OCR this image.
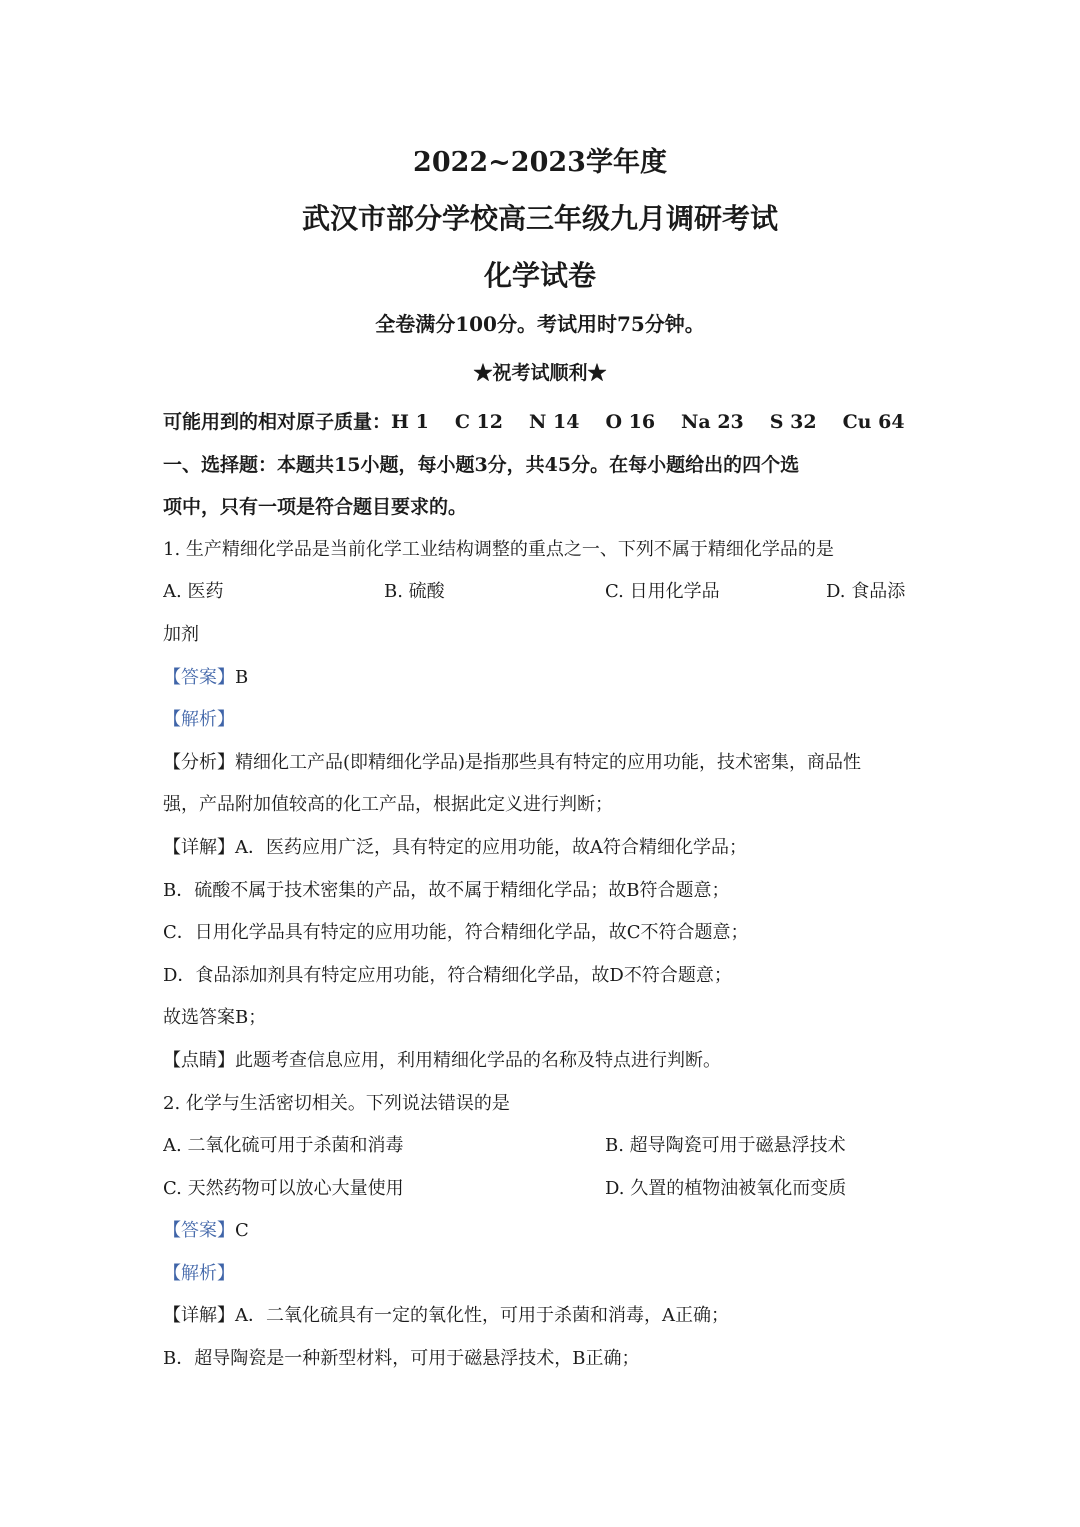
2022~2023学年度
武汉市部分学校高三年级九月调研考试
化学试卷
全卷满分100分。考试用时75分钟。
★祝考试顺利★
可能用到的相对原子质量：H 1 C 12 N 14 O 16 Na 23 S 32 Cu 64
一、选择题：本题共15小题，每小题3分，共45分。在每小题给出的四个选
项中，只有一项是符合题目要求的。
1. 生产精细化学品是当前化学工业结构调整的重点之一、下列不属于精细化学品的是
A. 医药	B. 硫酸	C. 日用化学品	D. 食品添
加剂
【答案】B
【解析】
【分析】精细化工产品(即精细化学品)是指那些具有特定的应用功能，技术密集，商品性
强，产品附加值较高的化工产品，根据此定义进行判断；
【详解】A．医药应用广泛，具有特定的应用功能，故A符合精细化学品；
B．硫酸不属于技术密集的产品，故不属于精细化学品；故B符合题意；
C．日用化学品具有特定的应用功能，符合精细化学品，故C不符合题意；
D．食品添加剂具有特定应用功能，符合精细化学品，故D不符合题意；
故选答案B；
【点睛】此题考查信息应用，利用精细化学品的名称及特点进行判断。
2. 化学与生活密切相关。下列说法错误的是
A. 二氧化硫可用于杀菌和消毒	B. 超导陶瓷可用于磁悬浮技术
C. 天然药物可以放心大量使用	D. 久置的植物油被氧化而变质
【答案】C
【解析】
【详解】A．二氧化硫具有一定的氧化性，可用于杀菌和消毒，A正确；
B．超导陶瓷是一种新型材料，可用于磁悬浮技术，B正确；
